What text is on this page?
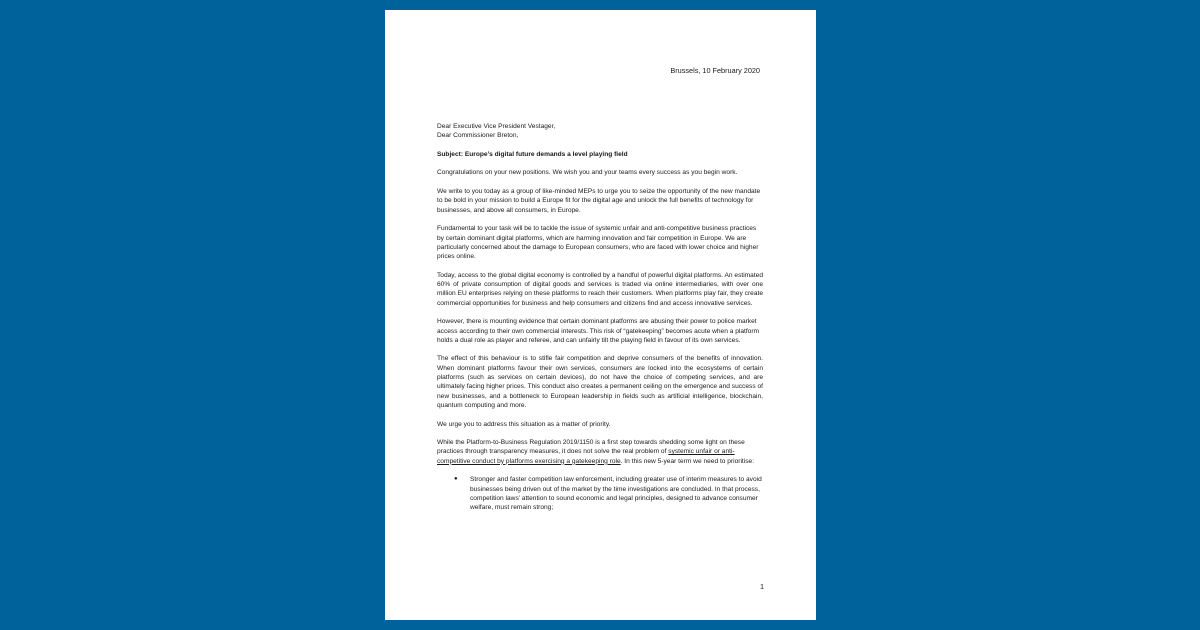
Brussels, 10 February 2020

Dear Executive Vice President Vestager,
Dear Commissioner Breton,

Subject: Europe’s digital future demands a level playing field

Congratulations on your new positions. We wish you and your teams every success as you begin work.

We write to you today as a group of like-minded MEPs to urge you to seize the opportunity of the new mandate to be bold in your mission to build a Europe fit for the digital age and unlock the full benefits of technology for businesses, and above all consumers, in Europe.

Fundamental to your task will be to tackle the issue of systemic unfair and anti-competitive business practices by certain dominant digital platforms, which are harming innovation and fair competition in Europe. We are particularly concerned about the damage to European consumers, who are faced with lower choice and higher prices online.

Today, access to the global digital economy is controlled by a handful of powerful digital platforms. An estimated 60% of private consumption of digital goods and services is traded via online intermediaries, with over one million EU enterprises relying on these platforms to reach their customers. When platforms play fair, they create commercial opportunities for business and help consumers and citizens find and access innovative services.

However, there is mounting evidence that certain dominant platforms are abusing their power to police market access according to their own commercial interests. This risk of “gatekeeping” becomes acute when a platform holds a dual role as player and referee, and can unfairly tilt the playing field in favour of its own services.

The effect of this behaviour is to stifle fair competition and deprive consumers of the benefits of innovation. When dominant platforms favour their own services, consumers are locked into the ecosystems of certain platforms (such as services on certain devices), do not have the choice of competing services, and are ultimately facing higher prices. This conduct also creates a permanent ceiling on the emergence and success of new businesses, and a bottleneck to European leadership in fields such as artificial intelligence, blockchain, quantum computing and more.

We urge you to address this situation as a matter of priority.

While the Platform-to-Business Regulation 2019/1150 is a first step towards shedding some light on these practices through transparency measures, it does not solve the real problem of systemic unfair or anti-competitive conduct by platforms exercising a gatekeeping role. In this new 5-year term we need to prioritise:

● Stronger and faster competition law enforcement, including greater use of interim measures to avoid businesses being driven out of the market by the time investigations are concluded. In that process, competition laws’ attention to sound economic and legal principles, designed to advance consumer welfare, must remain strong;
1
